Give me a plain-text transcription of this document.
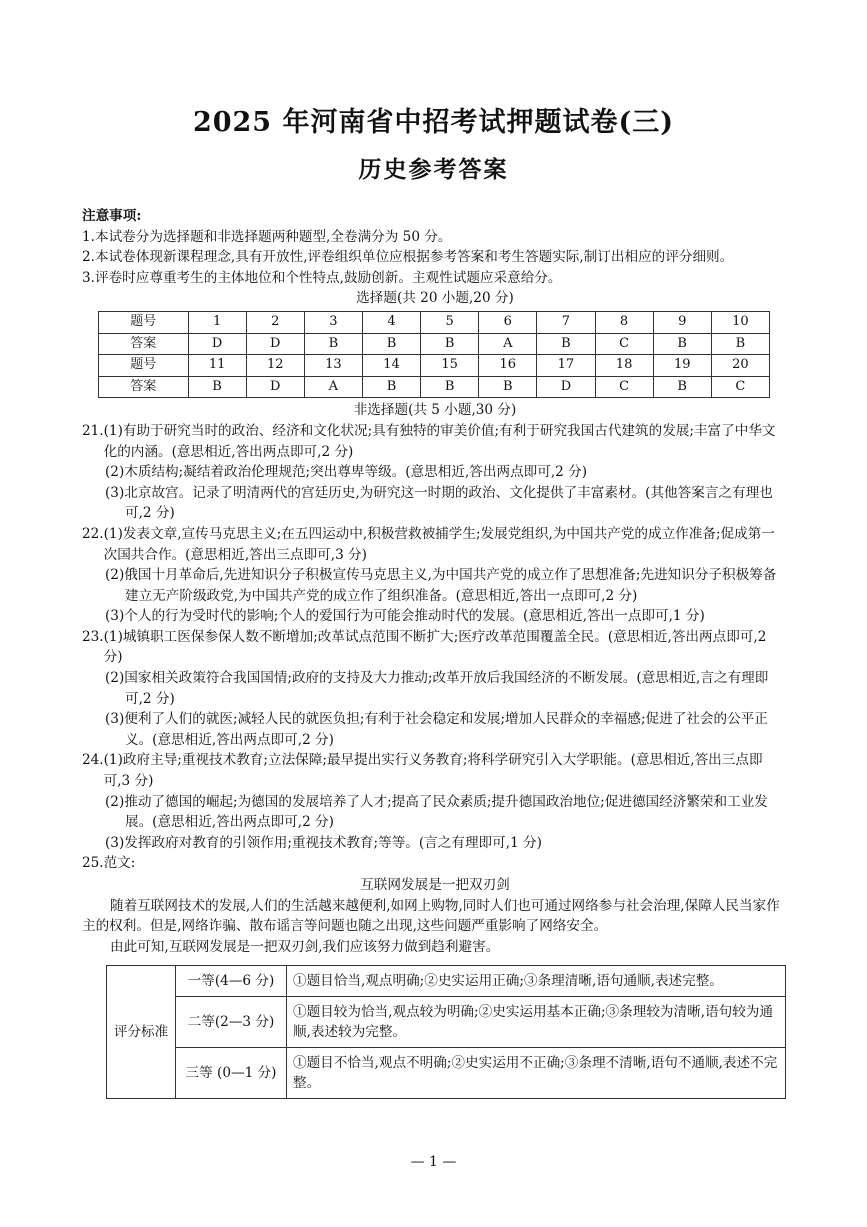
2025 年河南省中招考试押题试卷(三)
历史参考答案
注意事项:
1.本试卷分为选择题和非选择题两种题型,全卷满分为 50 分。
2.本试卷体现新课程理念,具有开放性,评卷组织单位应根据参考答案和考生答题实际,制订出相应的评分细则。
3.评卷时应尊重考生的主体地位和个性特点,鼓励创新。主观性试题应采意给分。
选择题(共 20 小题,20 分)
题号	1	2	3	4	5	6	7	8	9	10
答案	D	D	B	B	B	A	B	C	B	B
题号	11	12	13	14	15	16	17	18	19	20
答案	B	D	A	B	B	B	D	C	B	C
非选择题(共 5 小题,30 分)
21. (1)有助于研究当时的政治、经济和文化状况;具有独特的审美价值;有利于研究我国古代建筑的发展;丰富了中华文化的内涵。(意思相近,答出两点即可,2 分)
(2)木质结构;凝结着政治伦理规范;突出尊卑等级。(意思相近,答出两点即可,2 分)
(3)北京故宫。记录了明清两代的宫廷历史,为研究这一时期的政治、文化提供了丰富素材。(其他答案言之有理也可,2 分)
22. (1)发表文章,宣传马克思主义;在五四运动中,积极营救被捕学生;发展党组织,为中国共产党的成立作准备;促成第一次国共合作。(意思相近,答出三点即可,3 分)
(2)俄国十月革命后,先进知识分子积极宣传马克思主义,为中国共产党的成立作了思想准备;先进知识分子积极筹备建立无产阶级政党,为中国共产党的成立作了组织准备。(意思相近,答出一点即可,2 分)
(3)个人的行为受时代的影响;个人的爱国行为可能会推动时代的发展。(意思相近,答出一点即可,1 分)
23. (1)城镇职工医保参保人数不断增加;改革试点范围不断扩大;医疗改革范围覆盖全民。(意思相近,答出两点即可,2 分)
(2)国家相关政策符合我国国情;政府的支持及大力推动;改革开放后我国经济的不断发展。(意思相近,言之有理即可,2 分)
(3)便利了人们的就医;减轻人民的就医负担;有利于社会稳定和发展;增加人民群众的幸福感;促进了社会的公平正义。(意思相近,答出两点即可,2 分)
24. (1)政府主导;重视技术教育;立法保障;最早提出实行义务教育;将科学研究引入大学职能。(意思相近,答出三点即可,3 分)
(2)推动了德国的崛起;为德国的发展培养了人才;提高了民众素质;提升德国政治地位;促进德国经济繁荣和工业发展。(意思相近,答出两点即可,2 分)
(3)发挥政府对教育的引领作用;重视技术教育;等等。(言之有理即可,1 分)
25. 范文:
互联网发展是一把双刃剑
随着互联网技术的发展,人们的生活越来越便利,如网上购物,同时人们也可通过网络参与社会治理,保障人民当家作主的权利。但是,网络诈骗、散布谣言等问题也随之出现,这些问题严重影响了网络安全。
由此可知,互联网发展是一把双刃剑,我们应该努力做到趋利避害。
评分标准	一等(4—6 分)	①题目恰当,观点明确;②史实运用正确;③条理清晰,语句通顺,表述完整。
	二等(2—3 分)	①题目较为恰当,观点较为明确;②史实运用基本正确;③条理较为清晰,语句较为通顺,表述较为完整。
	三等 (0—1 分)	①题目不恰当,观点不明确;②史实运用不正确;③条理不清晰,语句不通顺,表述不完整。
— 1 —
